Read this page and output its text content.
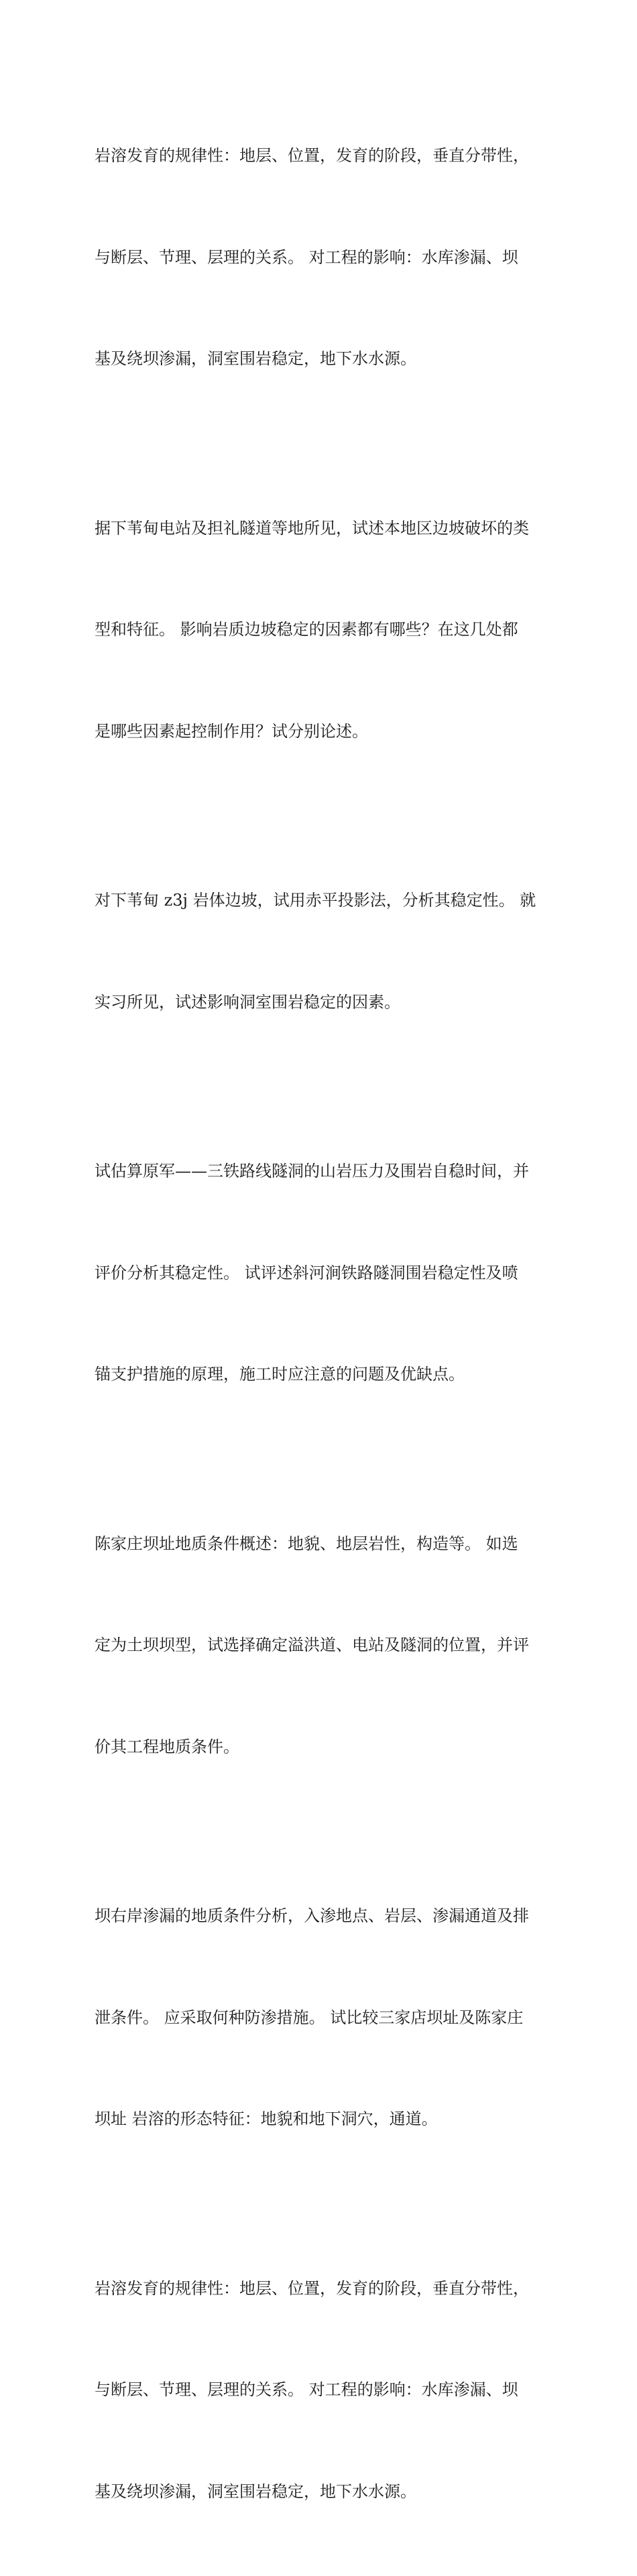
岩溶发育的规律性：地层、位置，发育的阶段，垂直分带性，

与断层、节理、层理的关系。 对工程的影响：水库渗漏、坝

基及绕坝渗漏，洞室围岩稳定，地下水水源。

据下苇甸电站及担礼隧道等地所见，试述本地区边坡破坏的类

型和特征。 影响岩质边坡稳定的因素都有哪些？在这几处都

是哪些因素起控制作用？试分别论述。

对下苇甸 z3j 岩体边坡，试用赤平投影法，分析其稳定性。 就

实习所见，试述影响洞室围岩稳定的因素。

试估算原军——三铁路线隧洞的山岩压力及围岩自稳时间，并

评价分析其稳定性。 试评述斜河涧铁路隧洞围岩稳定性及喷

锚支护措施的原理，施工时应注意的问题及优缺点。

陈家庄坝址地质条件概述：地貌、地层岩性，构造等。 如选

定为土坝坝型，试选择确定溢洪道、电站及隧洞的位置，并评

价其工程地质条件。

坝右岸渗漏的地质条件分析，入渗地点、岩层、渗漏通道及排

泄条件。 应采取何种防渗措施。 试比较三家店坝址及陈家庄

坝址 岩溶的形态特征：地貌和地下洞穴，通道。

岩溶发育的规律性：地层、位置，发育的阶段，垂直分带性，

与断层、节理、层理的关系。 对工程的影响：水库渗漏、坝

基及绕坝渗漏，洞室围岩稳定，地下水水源。
